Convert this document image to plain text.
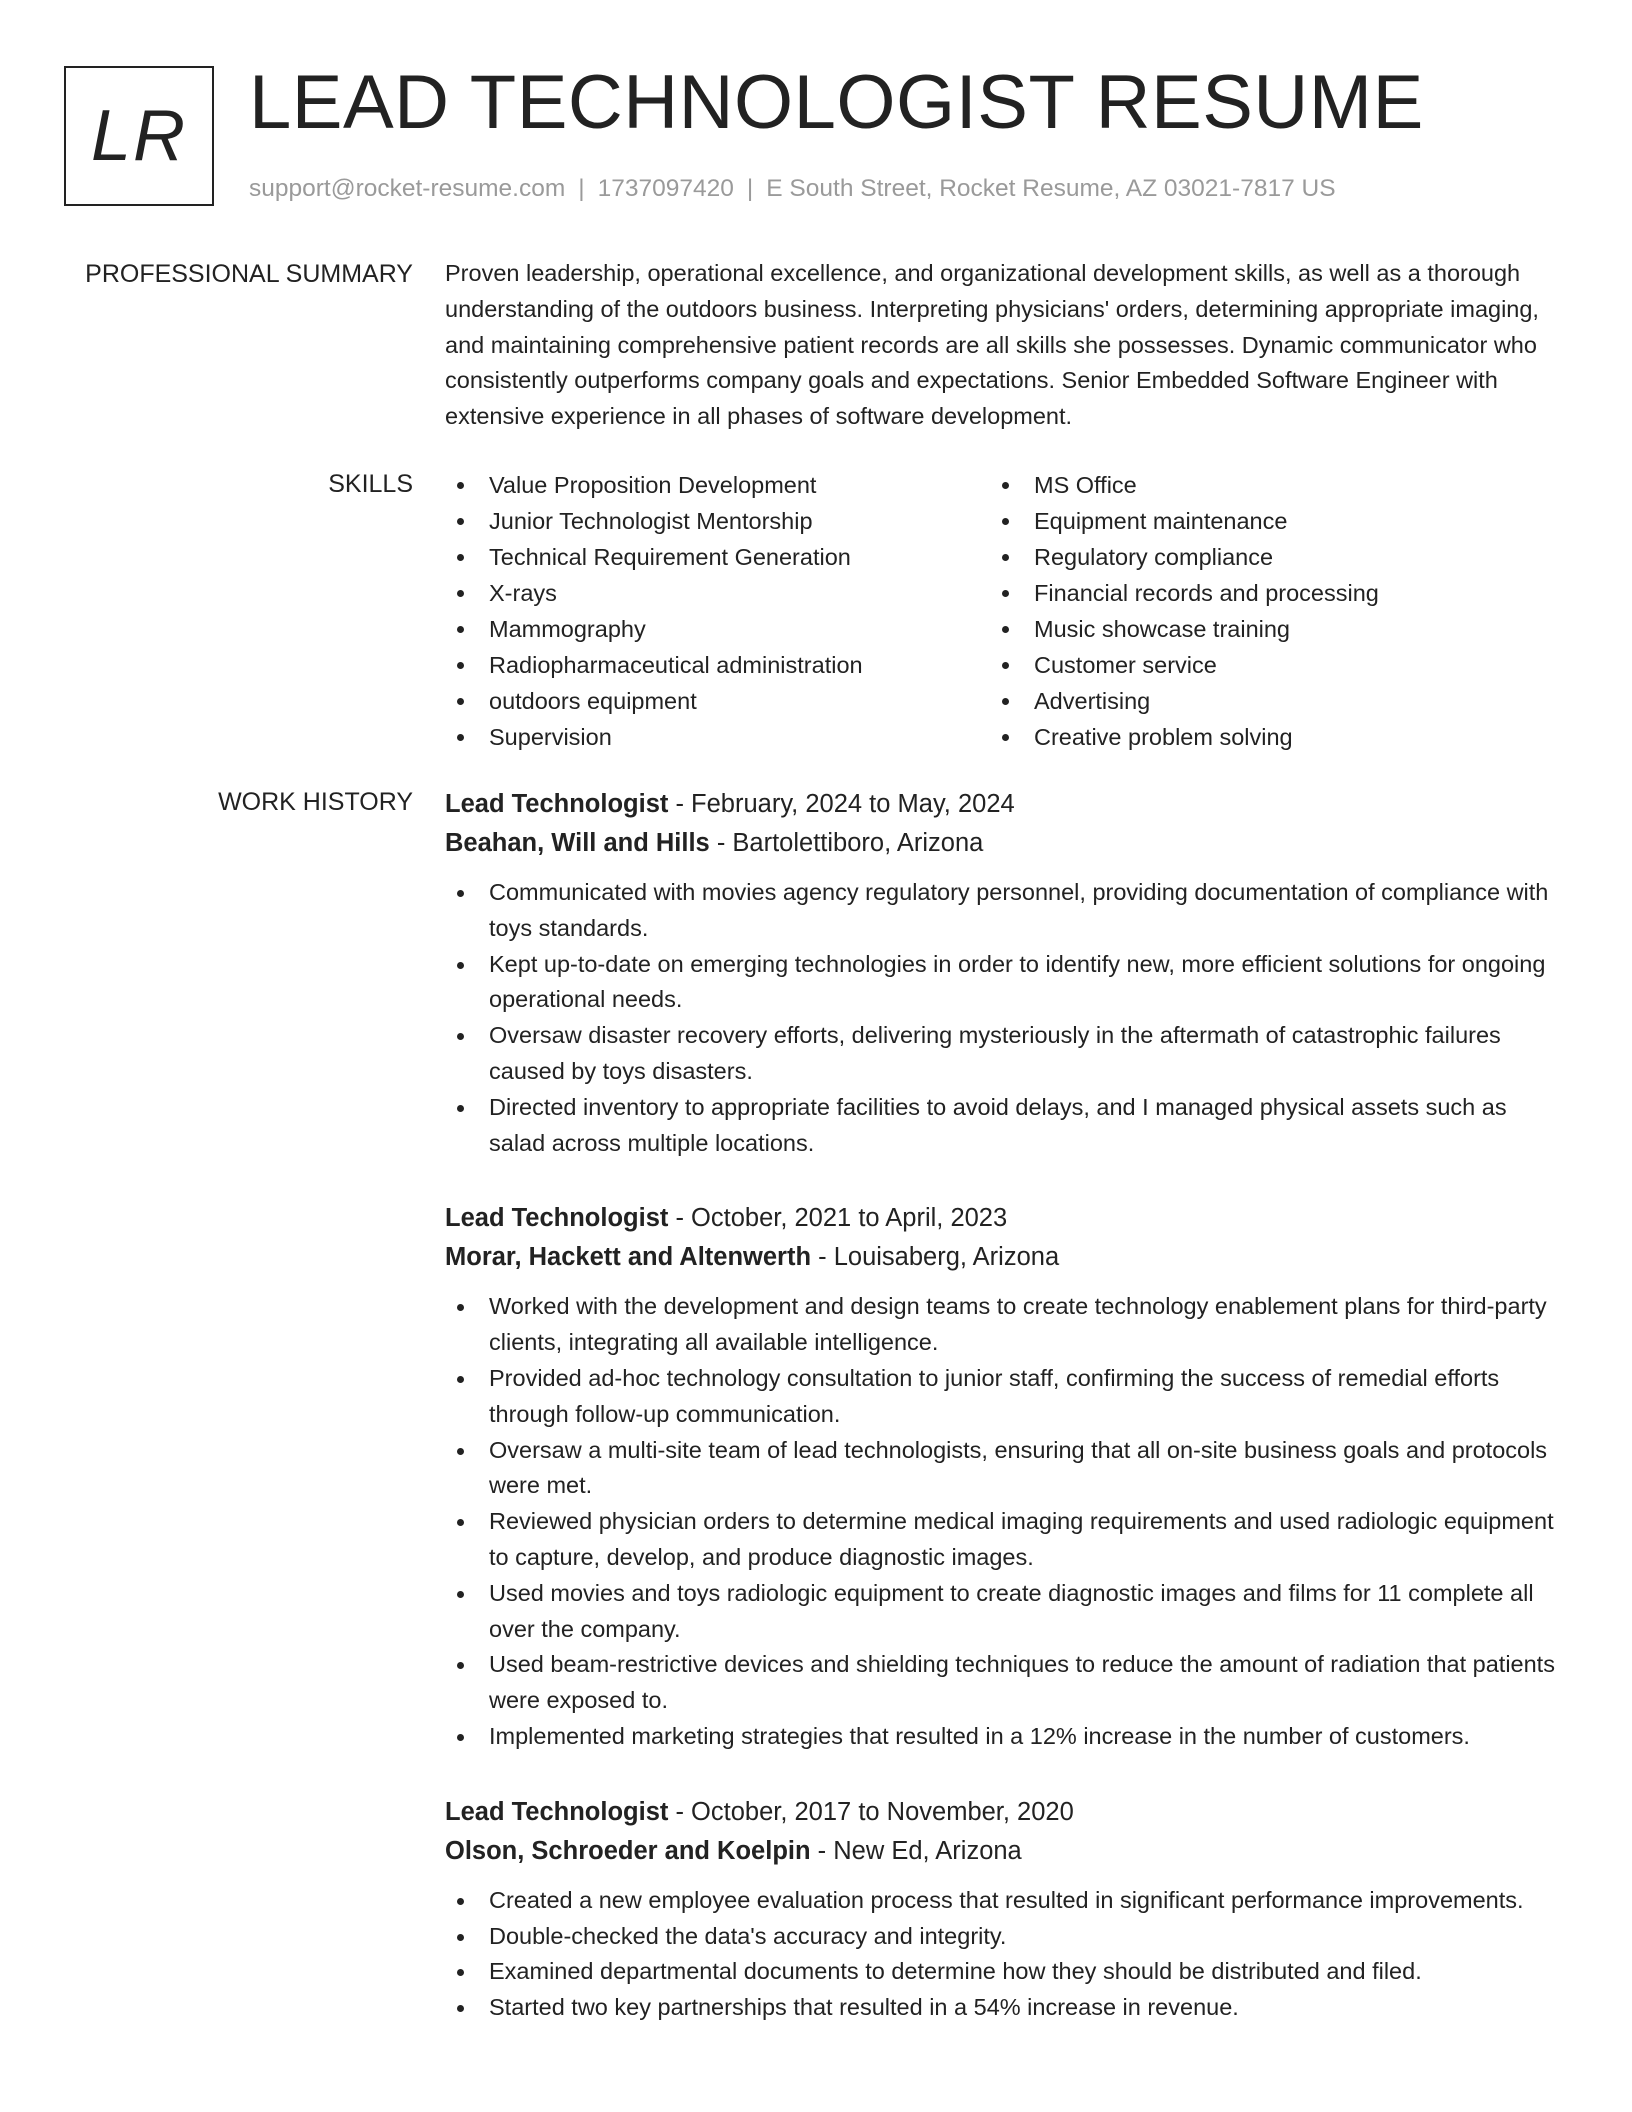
LR LEAD TECHNOLOGIST RESUME
support@rocket-resume.com | 1737097420 | E South Street, Rocket Resume, AZ 03021-7817 US
PROFESSIONAL SUMMARY Proven leadership, operational excellence, and organizational development skills, as well as a thorough understanding of the outdoors business. Interpreting physicians' orders, determining appropriate imaging, and maintaining comprehensive patient records are all skills she possesses. Dynamic communicator who consistently outperforms company goals and expectations. Senior Embedded Software Engineer with extensive experience in all phases of software development.

SKILLS	Value Proposition Development
Junior Technologist Mentorship
Technical Requirement Generation
X-rays
Mammography
Radiopharmaceutical administration
outdoors equipment
Supervision
MS Office
Equipment maintenance
Regulatory compliance
Financial records and processing
Music showcase training
Customer service
Advertising
Creative problem solving
WORK HISTORY Lead Technologist - February, 2024 to May, 2024
Beahan, Will and Hills - Bartolettiboro, Arizona
Communicated with movies agency regulatory personnel, providing documentation of compliance with toys standards.
Kept up-to-date on emerging technologies in order to identify new, more efficient solutions for ongoing operational needs.
Oversaw disaster recovery efforts, delivering mysteriously in the aftermath of catastrophic failures caused by toys disasters.
Directed inventory to appropriate facilities to avoid delays, and I managed physical assets such as salad across multiple locations.
Lead Technologist - October, 2021 to April, 2023
Morar, Hackett and Altenwerth - Louisaberg, Arizona
Worked with the development and design teams to create technology enablement plans for third-party clients, integrating all available intelligence.
Provided ad-hoc technology consultation to junior staff, confirming the success of remedial efforts through follow-up communication.
Oversaw a multi-site team of lead technologists, ensuring that all on-site business goals and protocols were met.
Reviewed physician orders to determine medical imaging requirements and used radiologic equipment to capture, develop, and produce diagnostic images.
Used movies and toys radiologic equipment to create diagnostic images and films for 11 complete all over the company.
Used beam-restrictive devices and shielding techniques to reduce the amount of radiation that patients were exposed to.
Implemented marketing strategies that resulted in a 12% increase in the number of customers.
Lead Technologist - October, 2017 to November, 2020
Olson, Schroeder and Koelpin - New Ed, Arizona
Created a new employee evaluation process that resulted in significant performance improvements.
Double-checked the data's accuracy and integrity.
Examined departmental documents to determine how they should be distributed and filed.
Started two key partnerships that resulted in a 54% increase in revenue.
